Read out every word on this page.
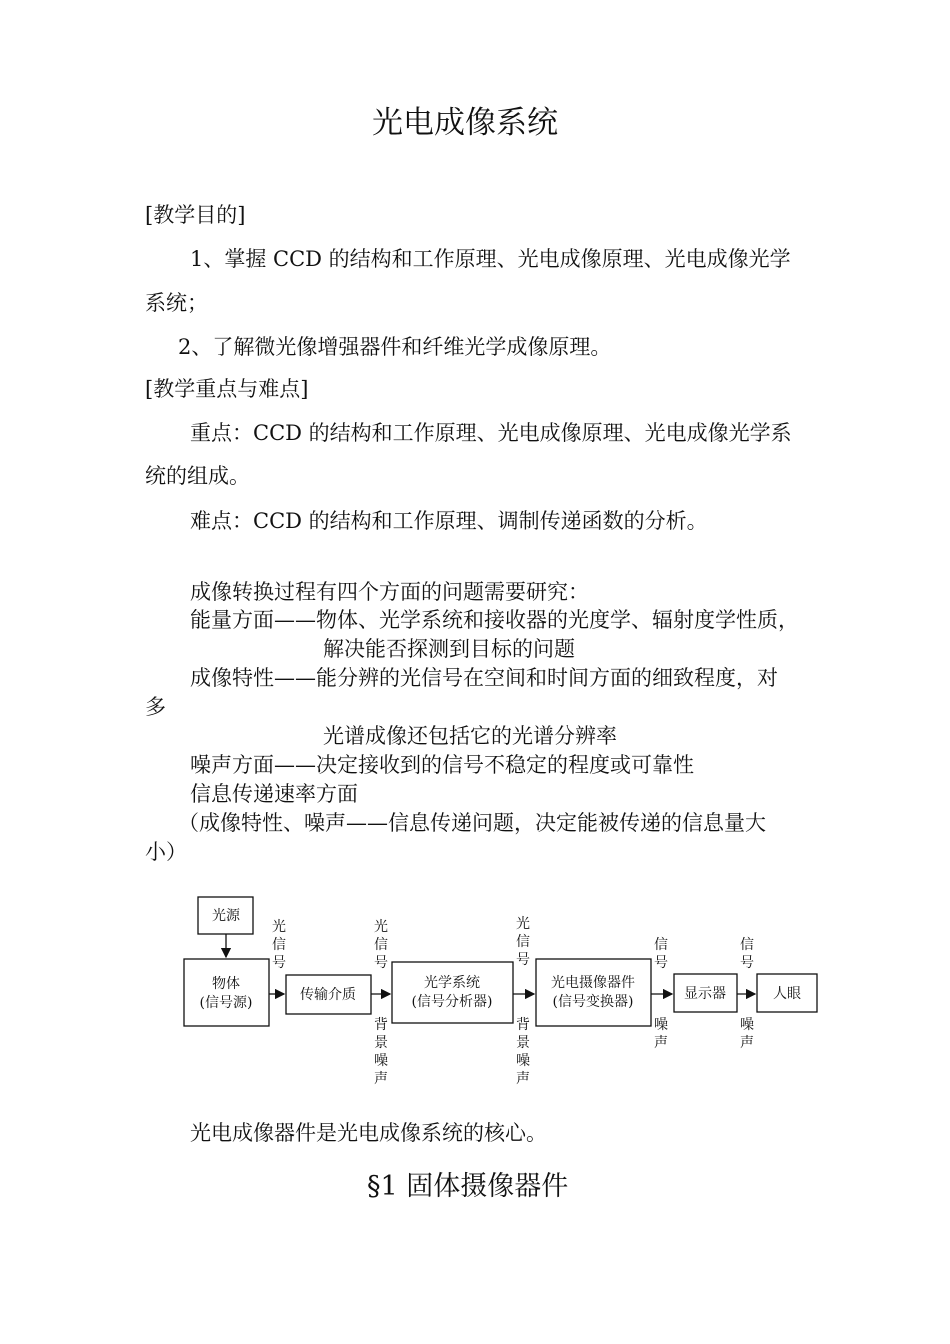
光电成像系统
[教学目的]
1、掌握 CCD 的结构和工作原理、光电成像原理、光电成像光学
系统；
2、了解微光像增强器件和纤维光学成像原理。
[教学重点与难点]
重点：CCD 的结构和工作原理、光电成像原理、光电成像光学系
统的组成。
难点：CCD 的结构和工作原理、调制传递函数的分析。
成像转换过程有四个方面的问题需要研究：
能量方面——物体、光学系统和接收器的光度学、辐射度学性质，
解决能否探测到目标的问题
成像特性——能分辨的光信号在空间和时间方面的细致程度，对
多
光谱成像还包括它的光谱分辨率
噪声方面——决定接收到的信号不稳定的程度或可靠性
信息传递速率方面
（成像特性、噪声——信息传递问题，决定能被传递的信息量大
小）
光源
物体
(信号源)	传输介质
光学系统
(信号分析器)
光电摄像器件
(信号变换器)	显示器	人眼
光
信
号
光
信
号
光
信
号
信
号
信
号
背
景
噪
声
背
景
噪
声
噪
声
噪
声
光电成像器件是光电成像系统的核心。
§1 固体摄像器件
